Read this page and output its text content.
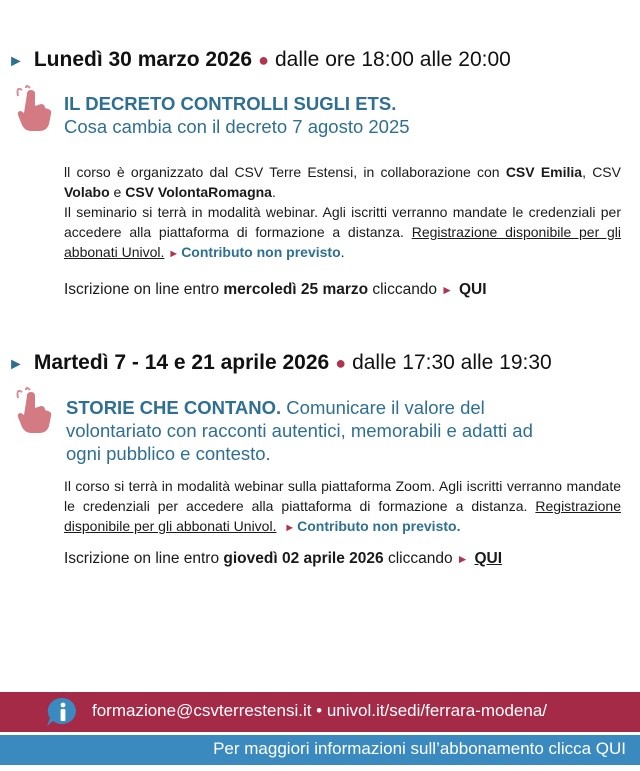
► Lunedì 30 marzo 2026 ● dalle ore 18:00 alle 20:00
IL DECRETO CONTROLLI SUGLI ETS.
Cosa cambia con il decreto 7 agosto 2025
ll corso è organizzato dal CSV Terre Estensi, in collaborazione con CSV Emilia, CSV Volabo e CSV VolontaRomagna.
Il seminario si terrà in modalità webinar. Agli iscritti verranno mandate le credenziali per accedere alla piattaforma di formazione a distanza. Registrazione disponibile per gli abbonati Univol. ► Contributo non previsto.
Iscrizione on line entro mercoledì 25 marzo cliccando ► QUI
► Martedì 7 - 14 e 21 aprile 2026 ● dalle 17:30 alle 19:30
STORIE CHE CONTANO. Comunicare il valore del volontariato con racconti autentici, memorabili e adatti ad ogni pubblico e contesto.
Il corso si terrà in modalità webinar sulla piattaforma Zoom. Agli iscritti verranno mandate le credenziali per accedere alla piattaforma di formazione a distanza. Registrazione disponibile per gli abbonati Univol. ► Contributo non previsto.
Iscrizione on line entro giovedì 02 aprile 2026 cliccando ► QUI
formazione@csvterrestensi.it • univol.it/sedi/ferrara-modena/
Per maggiori informazioni sull’abbonamento clicca QUI
